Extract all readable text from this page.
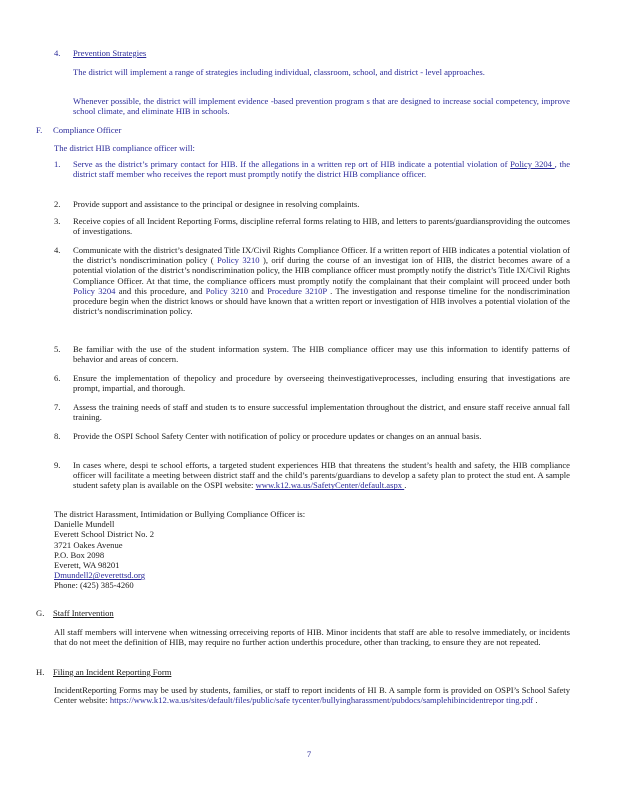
4. Prevention Strategies

The district will implement a range of strategies including individual, classroom, school, and district - level approaches.

Whenever possible, the district will implement evidence -based prevention program s that are designed to increase social competency, improve school climate, and eliminate HIB in schools.

F. Compliance Officer

The district HIB compliance officer will:

1. Serve as the district’s primary contact for HIB. If the allegations in a written rep ort of HIB indicate a potential violation of Policy 3204 , the district staff member who receives the report must promptly notify the district HIB compliance officer.

2. Provide support and assistance to the principal or designee in resolving complaints.

3. Receive copies of all Incident Reporting Forms, discipline referral forms relating to HIB, and letters to parents/guardiansproviding the outcomes of investigations.

4. Communicate with the district’s designated Title IX/Civil Rights Compliance Officer. If a written report of HIB indicates a potential violation of the district’s nondiscrimination policy ( Policy 3210 ), orif during the course of an investigat ion of HIB, the district becomes aware of a potential violation of the district’s nondiscrimination policy, the HIB compliance officer must promptly notify the district’s Title IX/Civil Rights Compliance Officer. At that time, the compliance officers must promptly notify the complainant that their complaint will proceed under both Policy 3204 and this procedure, and Policy 3210 and Procedure 3210P . The investigation and response timeline for the nondiscrimination procedure begin when the district knows or should have known that a written report or investigation of HIB involves a potential violation of the district’s nondiscrimination policy.

5. Be familiar with the use of the student information system. The HIB compliance officer may use this information to identify patterns of behavior and areas of concern.

6. Ensure the implementation of thepolicy and procedure by overseeing theinvestigativeprocesses, including ensuring that investigations are prompt, impartial, and thorough.

7. Assess the training needs of staff and studen ts to ensure successful implementation throughout the district, and ensure staff receive annual fall training.

8. Provide the OSPI School Safety Center with notification of policy or procedure updates or changes on an annual basis.

9. In cases where, despi te school efforts, a targeted student experiences HIB that threatens the student’s health and safety, the HIB compliance officer will facilitate a meeting between district staff and the child’s parents/guardians to develop a safety plan to protect the stud ent. A sample student safety plan is available on the OSPI website: www.k12.wa.us/SafetyCenter/default.aspx .

The district Harassment, Intimidation or Bullying Compliance Officer is:

Danielle Mundell

Everett School District No. 2

3721 Oakes Avenue

P.O. Box 2098

Everett, WA 98201

Dmundell2@everettsd.org

Phone: (425) 385-4260

G. Staff Intervention

All staff members will intervene when witnessing orreceiving reports of HIB. Minor incidents that staff are able to resolve immediately, or incidents that do not meet the definition of HIB, may require no further action underthis procedure, other than tracking, to ensure they are not repeated.

H. Filing an Incident Reporting Form

IncidentReporting Forms may be used by students, families, or staff to report incidents of HI B. A sample form is provided on OSPI’s School Safety Center website: https://www.k12.wa.us/sites/default/files/public/safe tycenter/bullyingharassment/pubdocs/samplehibincidentrepor ting.pdf .

7
